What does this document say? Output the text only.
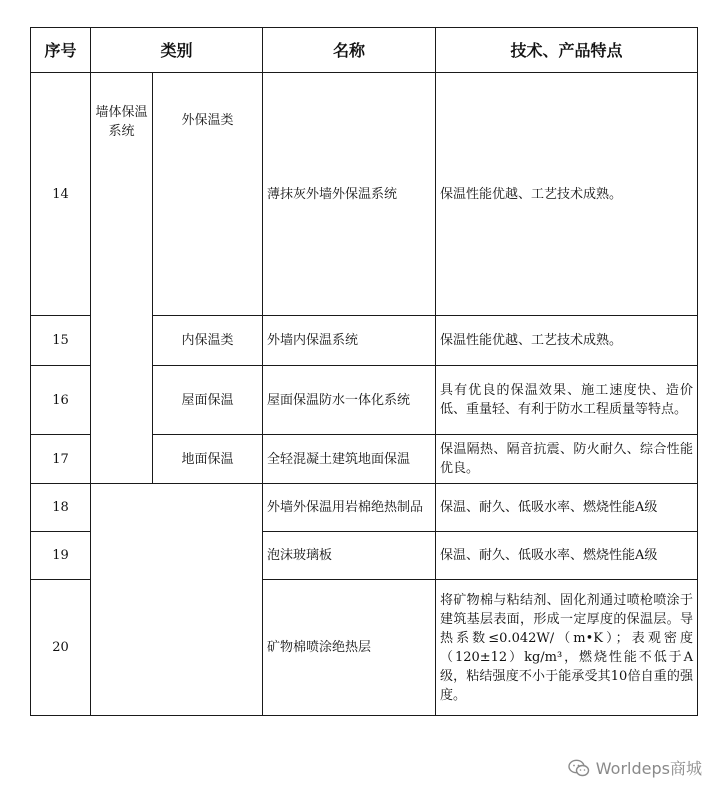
序号	类别		名称	技术、产品特点
14	墙体保温系统	外保温类	薄抹灰外墙外保温系统	保温性能优越、工艺技术成熟。
15		内保温类	外墙内保温系统	保温性能优越、工艺技术成熟。
16		屋面保温	屋面保温防水一体化系统	具有优良的保温效果、施工速度快、造价低、重量轻、有利于防水工程质量等特点。
17		地面保温	全轻混凝土建筑地面保温	保温隔热、隔音抗震、防火耐久、综合性能优良。
18			外墙外保温用岩棉绝热制品	保温、耐久、低吸水率、燃烧性能A级
19			泡沫玻璃板	保温、耐久、低吸水率、燃烧性能A级
20			矿物棉喷涂绝热层	将矿物棉与粘结剂、固化剂通过喷枪喷涂于建筑基层表面，形成一定厚度的保温层。导热系数≤0.042W/（m•K）；表观密度（120±12）kg/m³，燃烧性能不低于A级，粘结强度不小于能承受其10倍自重的强度。
Worldeps商城
